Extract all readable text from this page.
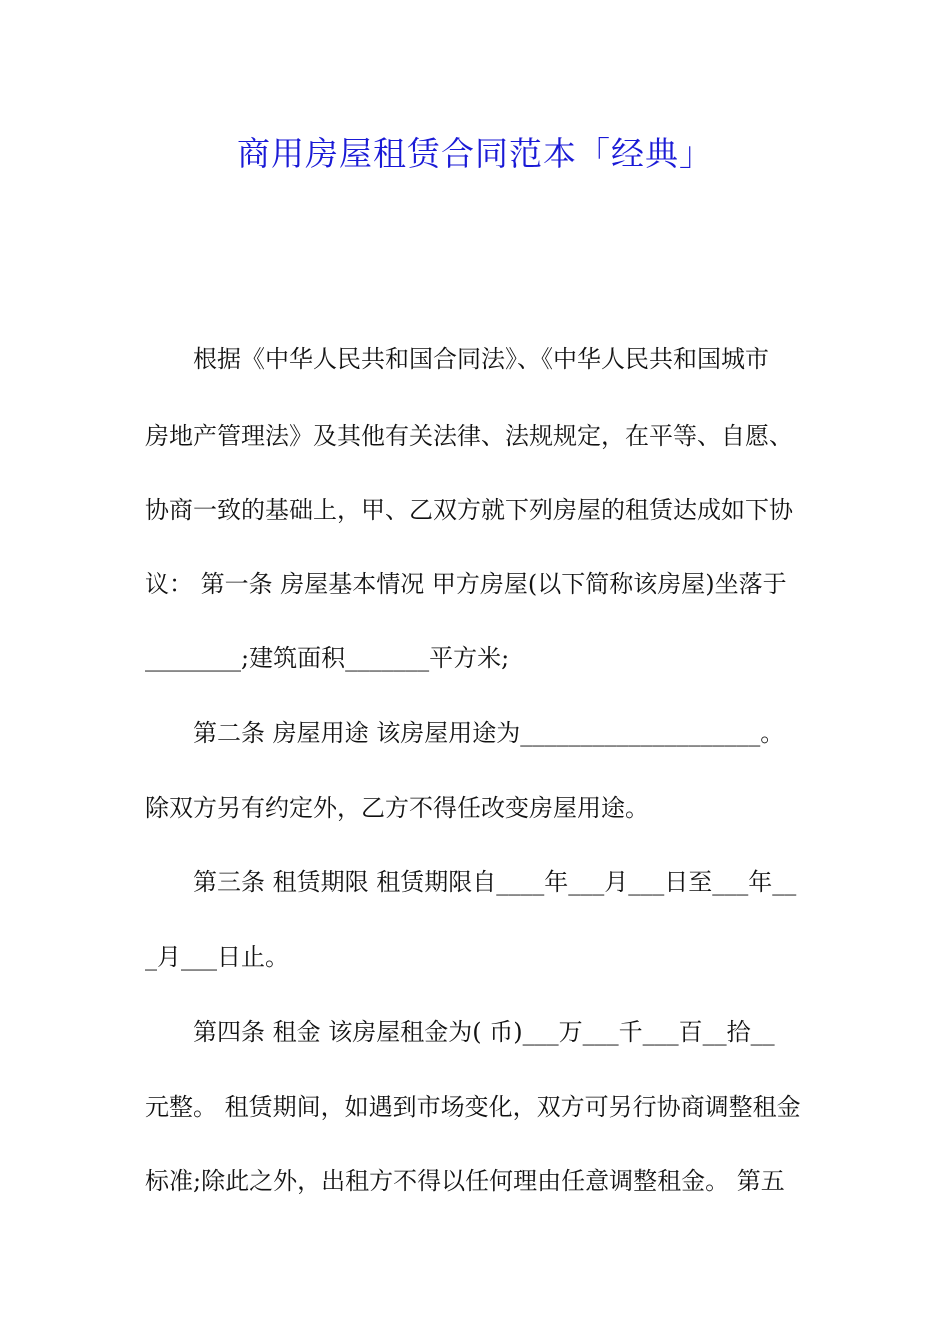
商用房屋租赁合同范本「经典」
根据《中华人民共和国合同法》、《中华人民共和国城市
房地产管理法》及其他有关法律、法规规定，在平等、自愿、
协商一致的基础上，甲、乙双方就下列房屋的租赁达成如下协
议： 第一条 房屋基本情况 甲方房屋(以下简称该房屋)坐落于
________;建筑面积_______平方米;
第二条 房屋用途 该房屋用途为____________________。
除双方另有约定外，乙方不得任改变房屋用途。
第三条 租赁期限 租赁期限自____年___月___日至___年__
_月___日止。
第四条 租金 该房屋租金为( 币)___万___千___百__拾__
元整。 租赁期间，如遇到市场变化，双方可另行协商调整租金
标准;除此之外，出租方不得以任何理由任意调整租金。 第五
